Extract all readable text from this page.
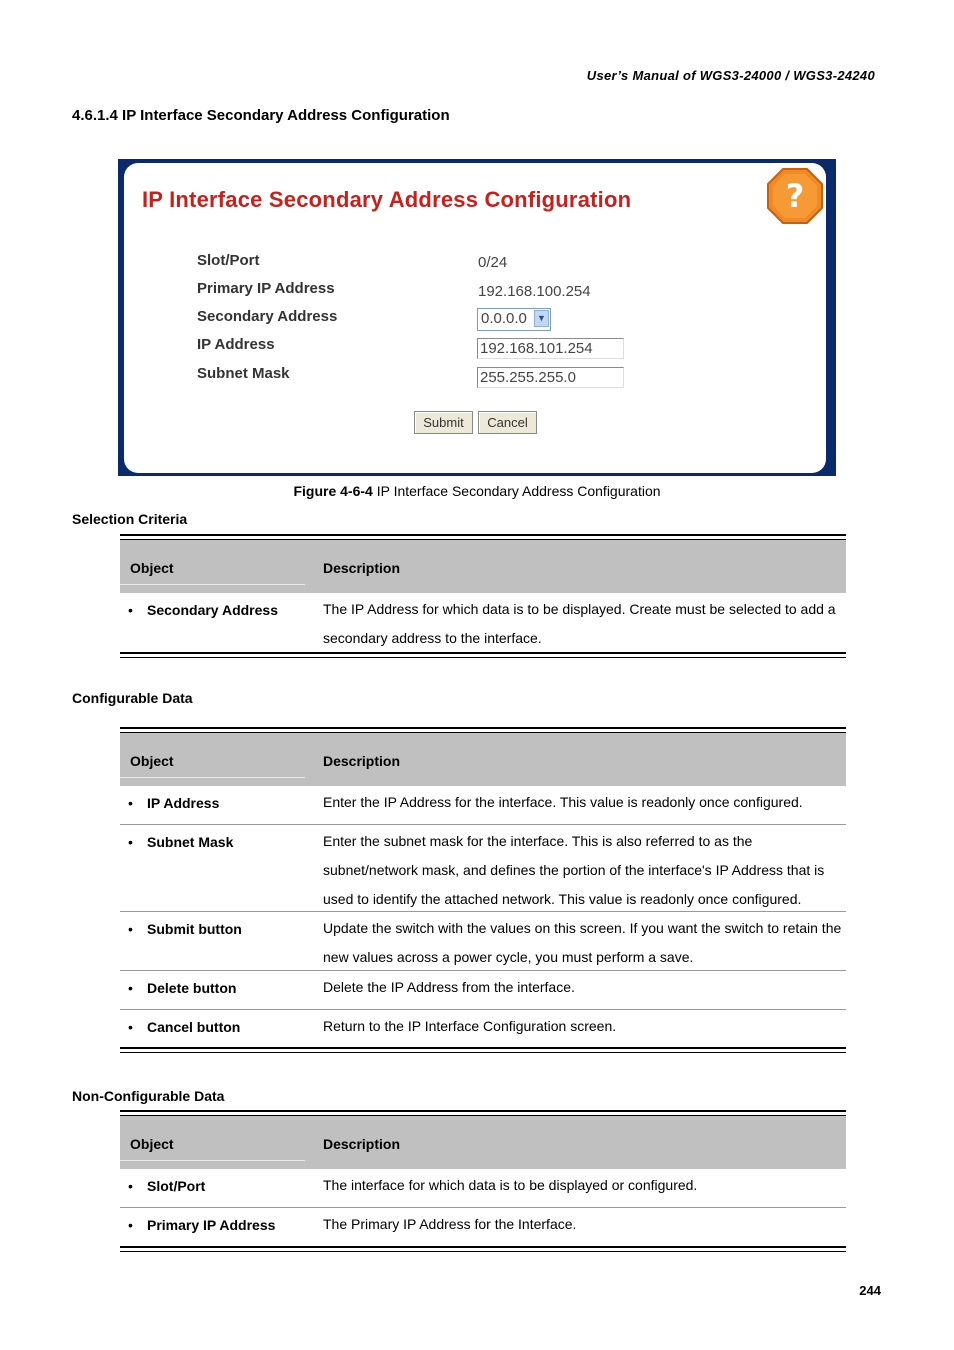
User’s Manual of WGS3-24000 / WGS3-24240
4.6.1.4 IP Interface Secondary Address Configuration
IP Interface Secondary Address Configuration	?
Slot/Port	0/24
Primary IP Address	192.168.100.254
Secondary Address	0.0.0.0	▼
IP Address	192.168.101.254
Subnet Mask	255.255.255.0
Submit	Cancel
Figure 4-6-4 IP Interface Secondary Address Configuration
Selection Criteria
Object	Description
• Secondary Address	The IP Address for which data is to be displayed. Create must be selected to add a secondary address to the interface.
Configurable Data
Object	Description
• IP Address	Enter the IP Address for the interface. This value is readonly once configured.
• Subnet Mask	Enter the subnet mask for the interface. This is also referred to as the subnet/network mask, and defines the portion of the interface's IP Address that is used to identify the attached network. This value is readonly once configured.
• Submit button	Update the switch with the values on this screen. If you want the switch to retain the new values across a power cycle, you must perform a save.
• Delete button	Delete the IP Address from the interface.
• Cancel button	Return to the IP Interface Configuration screen.
Non-Configurable Data
Object	Description
• Slot/Port	The interface for which data is to be displayed or configured.
• Primary IP Address	The Primary IP Address for the Interface.
244
